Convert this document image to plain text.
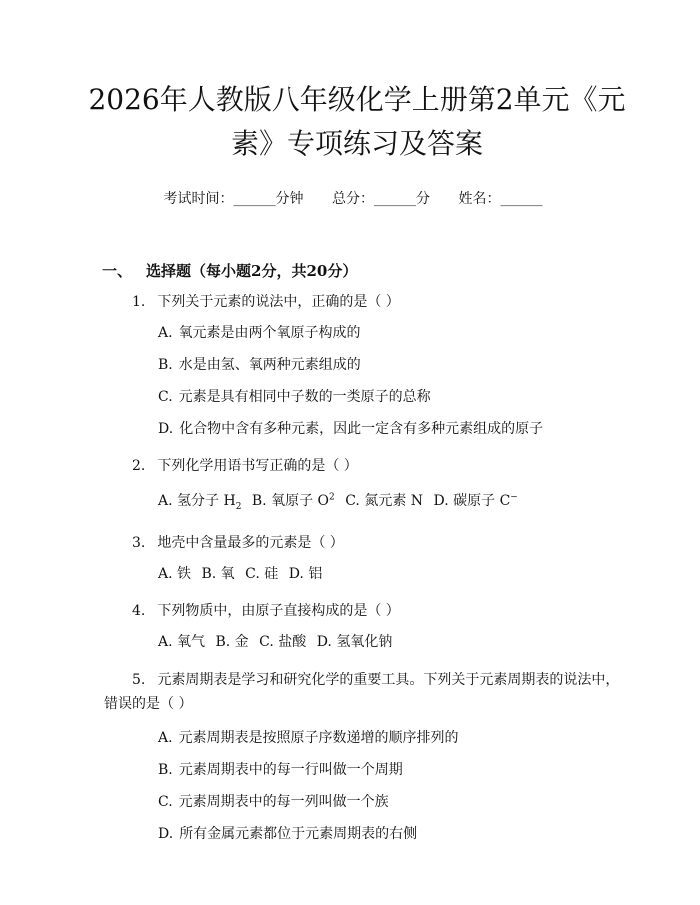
2026年人教版八年级化学上册第2单元《元素》专项练习及答案
考试时间：______分钟 总分：______分 姓名：______
一、 选择题（每小题2分，共20分）
1. 下列关于元素的说法中，正确的是（ ）
A. 氧元素是由两个氧原子构成的
B. 水是由氢、氧两种元素组成的
C. 元素是具有相同中子数的一类原子的总称
D. 化合物中含有多种元素，因此一定含有多种元素组成的原子
2. 下列化学用语书写正确的是（ ）
A. 氢分子 $H_2$ B. 氧原子 $O^2$ C. 氮元素 N D. 碳原子 C−
3. 地壳中含量最多的元素是（ ）
A. 铁 B. 氧 C. 硅 D. 铝
4. 下列物质中，由原子直接构成的是（ ）
A. 氧气 B. 金 C. 盐酸 D. 氢氧化钠
5. 元素周期表是学习和研究化学的重要工具。下列关于元素周期表的说法中，错误的是（ ）
A. 元素周期表是按照原子序数递增的顺序排列的
B. 元素周期表中的每一行叫做一个周期
C. 元素周期表中的每一列叫做一个族
D. 所有金属元素都位于元素周期表的右侧
